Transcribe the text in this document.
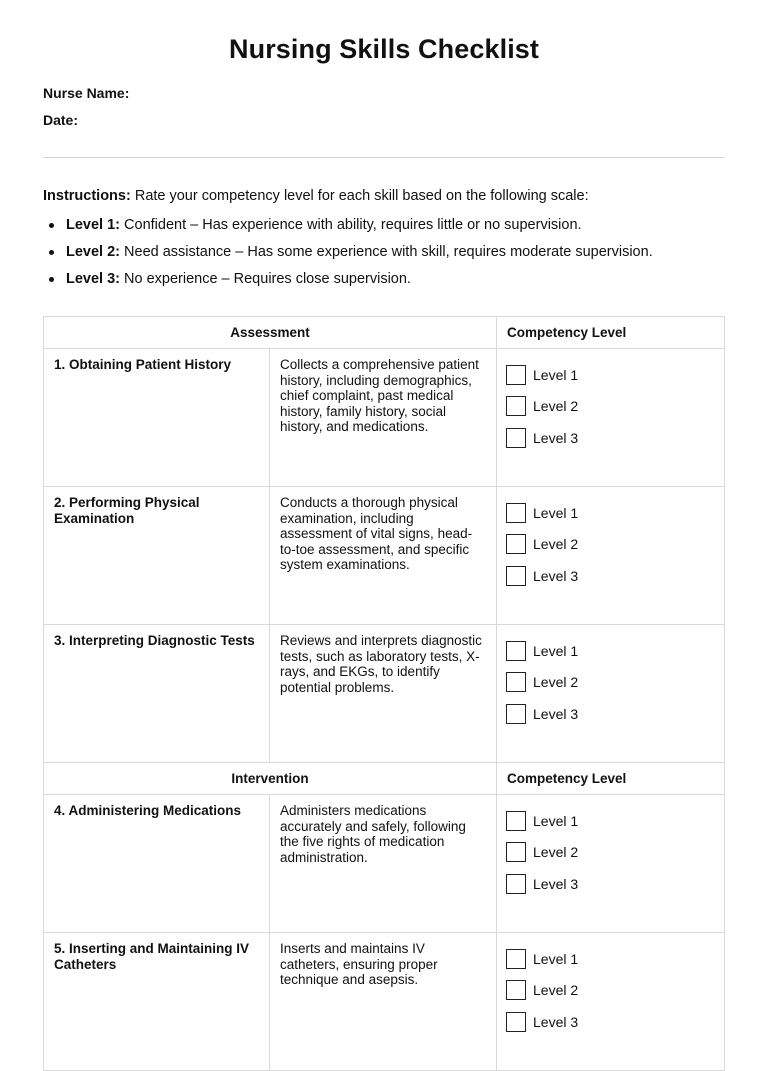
Nursing Skills Checklist
Nurse Name:
Date:
Instructions: Rate your competency level for each skill based on the following scale:
Level 1: Confident – Has experience with ability, requires little or no supervision.
Level 2: Need assistance – Has some experience with skill, requires moderate supervision.
Level 3: No experience – Requires close supervision.
Assessment		Competency Level
1. Obtaining Patient History	Collects a comprehensive patient history, including demographics, chief complaint, past medical history, family history, social history, and medications.	Level 1
Level 2
Level 3

2. Performing Physical Examination	Conducts a thorough physical examination, including assessment of vital signs, head-to-toe assessment, and specific system examinations.	Level 1
Level 2
Level 3

3. Interpreting Diagnostic Tests	Reviews and interprets diagnostic tests, such as laboratory tests, X-rays, and EKGs, to identify potential problems.	Level 1
Level 2
Level 3

Intervention		Competency Level
4. Administering Medications	Administers medications accurately and safely, following the five rights of medication administration.	Level 1
Level 2
Level 3

5. Inserting and Maintaining IV Catheters	Inserts and maintains IV catheters, ensuring proper technique and asepsis.	Level 1
Level 2
Level 3
